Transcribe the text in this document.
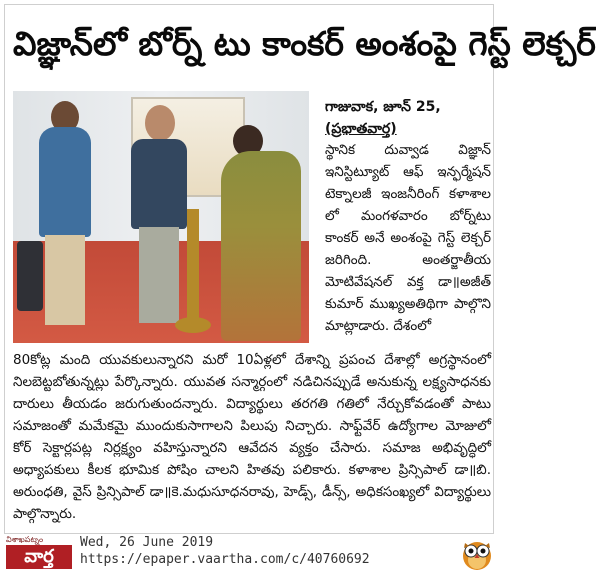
విజ్ఞాన్‌లో బోర్న్ టు కాంకర్ అంశంపై గెస్ట్ లెక్చర్
గాజువాక, జూన్ 25,
(ప్రభాతవార్త)
స్థానిక దువ్వాడ విజ్ఞాన్ ఇనిస్టిట్యూట్ ఆఫ్ ఇన్ఫర్మేషన్ టెక్నాలజీ ఇంజనీరింగ్ కళాశాల లో మంగళవారం బోర్న్‌టు కాంకర్ అనే అంశంపై గెస్ట్ లెక్చర్ జరిగింది. అంతర్జాతీయ మోటివేషనల్ వక్త డా॥అజీత్ కుమార్ ముఖ్యఅతిథిగా పాల్గొని మాట్లాడారు. దేశంలో
80కోట్ల మంది యువకులున్నారని మరో 10ఏళ్లలో దేశాన్ని ప్రపంచ దేశాల్లో అగ్రస్థానంలో నిలబెట్టబోతున్నట్లు పేర్కొన్నారు. యువత సన్మార్గంలో నడిచినప్పుడే అనుకున్న లక్ష్యసాధనకు దారులు తీయడం జరుగుతుందన్నారు. విద్యార్థులు తరగతి గతిలో నేర్చుకోవడంతో పాటు సమాజంతో మమేకమై ముందుకుసాగాలని పిలుపు నిచ్చారు. సాఫ్ట్‌వేర్ ఉద్యోగాల మోజులో కోర్ సెక్టార్లపట్ల నిర్లక్ష్యం వహిస్తున్నారని ఆవేదన వ్యక్తం చేసారు. సమాజ అభివృద్ధిలో అధ్యాపకులు కీలక భూమిక పోషిం చాలని హితవు పలికారు. కళాశాల ప్రిన్సిపాల్ డా॥బి. అరుంధతి, వైస్ ప్రిన్సిపాల్ డా॥కె.మధుసూధనరావు, హెడ్స్, డీన్స్, అధికసంఖ్యలో విద్యార్థులు పాల్గొన్నారు.
విశాఖపట్నం
వార్త
Wed, 26 June 2019
https://epaper.vaartha.com/c/40760692
